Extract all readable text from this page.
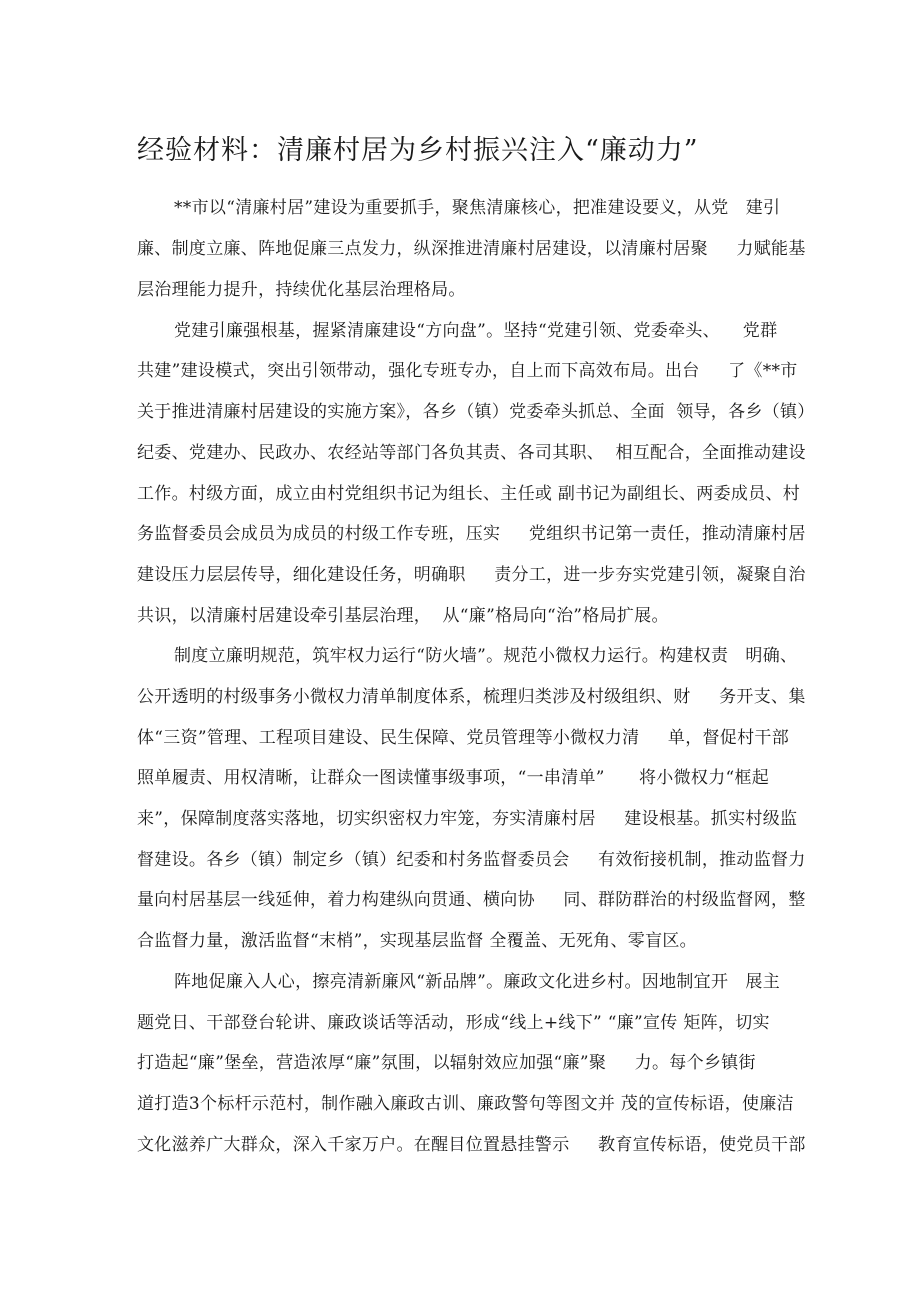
经验材料：清廉村居为乡村振兴注入“廉动力”

**市以“清廉村居”建设为重要抓手，聚焦清廉核心，把准建设要义，从党   建引

廉、制度立廉、阵地促廉三点发力，纵深推进清廉村居建设，以清廉村居聚     力赋能基

层治理能力提升，持续优化基层治理格局。

党建引廉强根基，握紧清廉建设“方向盘”。坚持“党建引领、党委牵头、    党群

共建”建设模式，突出引领带动，强化专班专办，自上而下高效布局。出台     了《**市

关于推进清廉村居建设的实施方案》，各乡（镇）党委牵头抓总、全面  领导，各乡（镇）

纪委、党建办、民政办、农经站等部门各负其责、各司其职、  相互配合，全面推动建设

工作。村级方面，成立由村党组织书记为组长、主任或 副书记为副组长、两委成员、村

务监督委员会成员为成员的村级工作专班，压实     党组织书记第一责任，推动清廉村居

建设压力层层传导，细化建设任务，明确职     责分工，进一步夯实党建引领，凝聚自治

共识，以清廉村居建设牵引基层治理，  从“廉”格局向“治”格局扩展。

制度立廉明规范，筑牢权力运行“防火墙”。规范小微权力运行。构建权责   明确、

公开透明的村级事务小微权力清单制度体系，梳理归类涉及村级组织、财     务开支、集

体“三资”管理、工程项目建设、民生保障、党员管理等小微权力清     单，督促村干部

照单履责、用权清晰，让群众一图读懂事级事项，“一串清单”      将小微权力“框起

来”，保障制度落实落地，切实织密权力牢笼，夯实清廉村居     建设根基。抓实村级监

督建设。各乡（镇）制定乡（镇）纪委和村务监督委员会     有效衔接机制，推动监督力

量向村居基层一线延伸，着力构建纵向贯通、横向协     同、群防群治的村级监督网，整

合监督力量，激活监督“末梢”，实现基层监督 全覆盖、无死角、零盲区。

阵地促廉入人心，擦亮清新廉风“新品牌”。廉政文化进乡村。因地制宜开   展主

题党日、干部登台轮讲、廉政谈话等活动，形成“线上+线下” “廉”宣传 矩阵，切实

打造起“廉”堡垒，营造浓厚“廉”氛围，以辐射效应加强“廉”聚     力。每个乡镇街

道打造3个标杆示范村，制作融入廉政古训、廉政警句等图文并 茂的宣传标语，使廉洁

文化滋养广大群众，深入千家万户。在醒目位置悬挂警示     教育宣传标语，使党员干部
